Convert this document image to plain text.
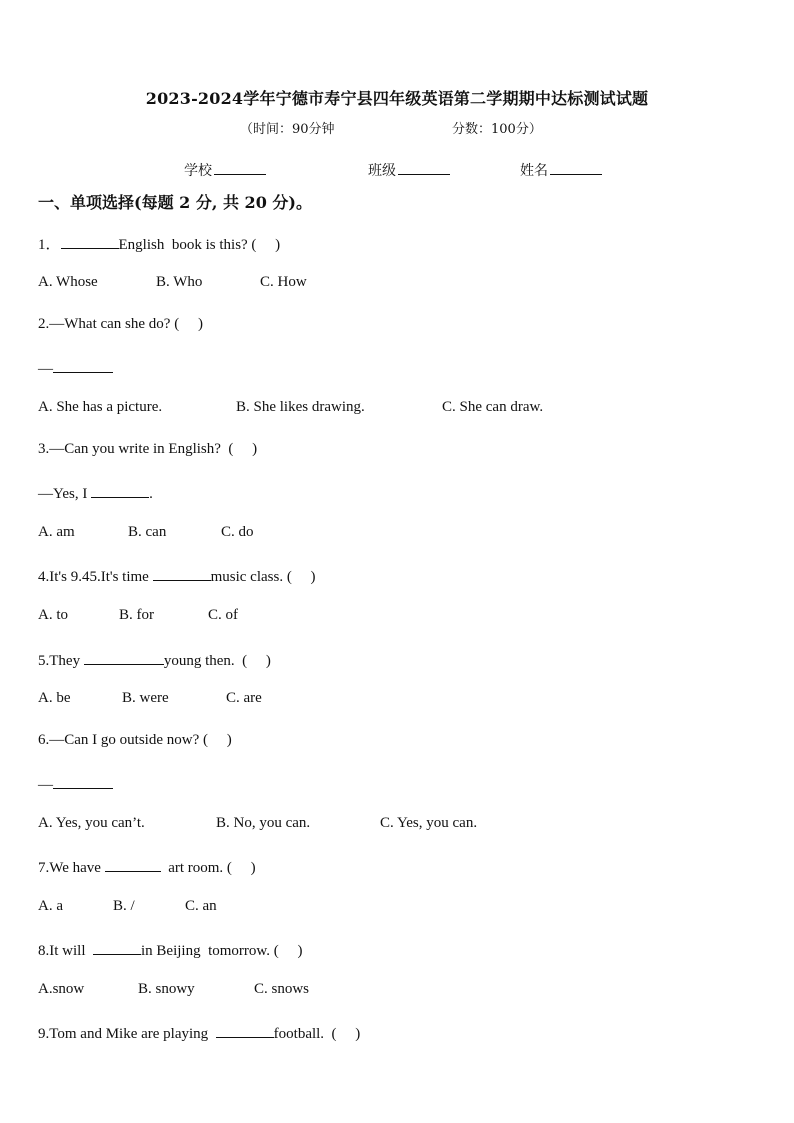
2023-2024学年宁德市寿宁县四年级英语第二学期期中达标测试试题
（时间：90分钟	分数：100分）
学校	班级	姓名
一、单项选择(每题 2 分, 共 20 分)。
1．	English  book is this? (     )
A. Whose	B. Who	C. How
2.—What can she do? (     )
—
A. She has a picture.	B. She likes drawing.	C. She can draw.
3.—Can you write in English?  (     )
—Yes, I	.
A. am	B. can	C. do
4.It's 9.45.It's time	music class. (     )
A. to	B. for	C. of
5.They	young then.  (     )
A. be	B. were	C. are
6.—Can I go outside now? (     )
—
A. Yes, you can’t.	B. No, you can.	C. Yes, you can.
7.We have	art room. (     )
A. a	B. /	C. an
8.It will	in Beijing  tomorrow. (     )
A.snow	B. snowy	C. snows
9.Tom and Mike are playing	football.  (     )
